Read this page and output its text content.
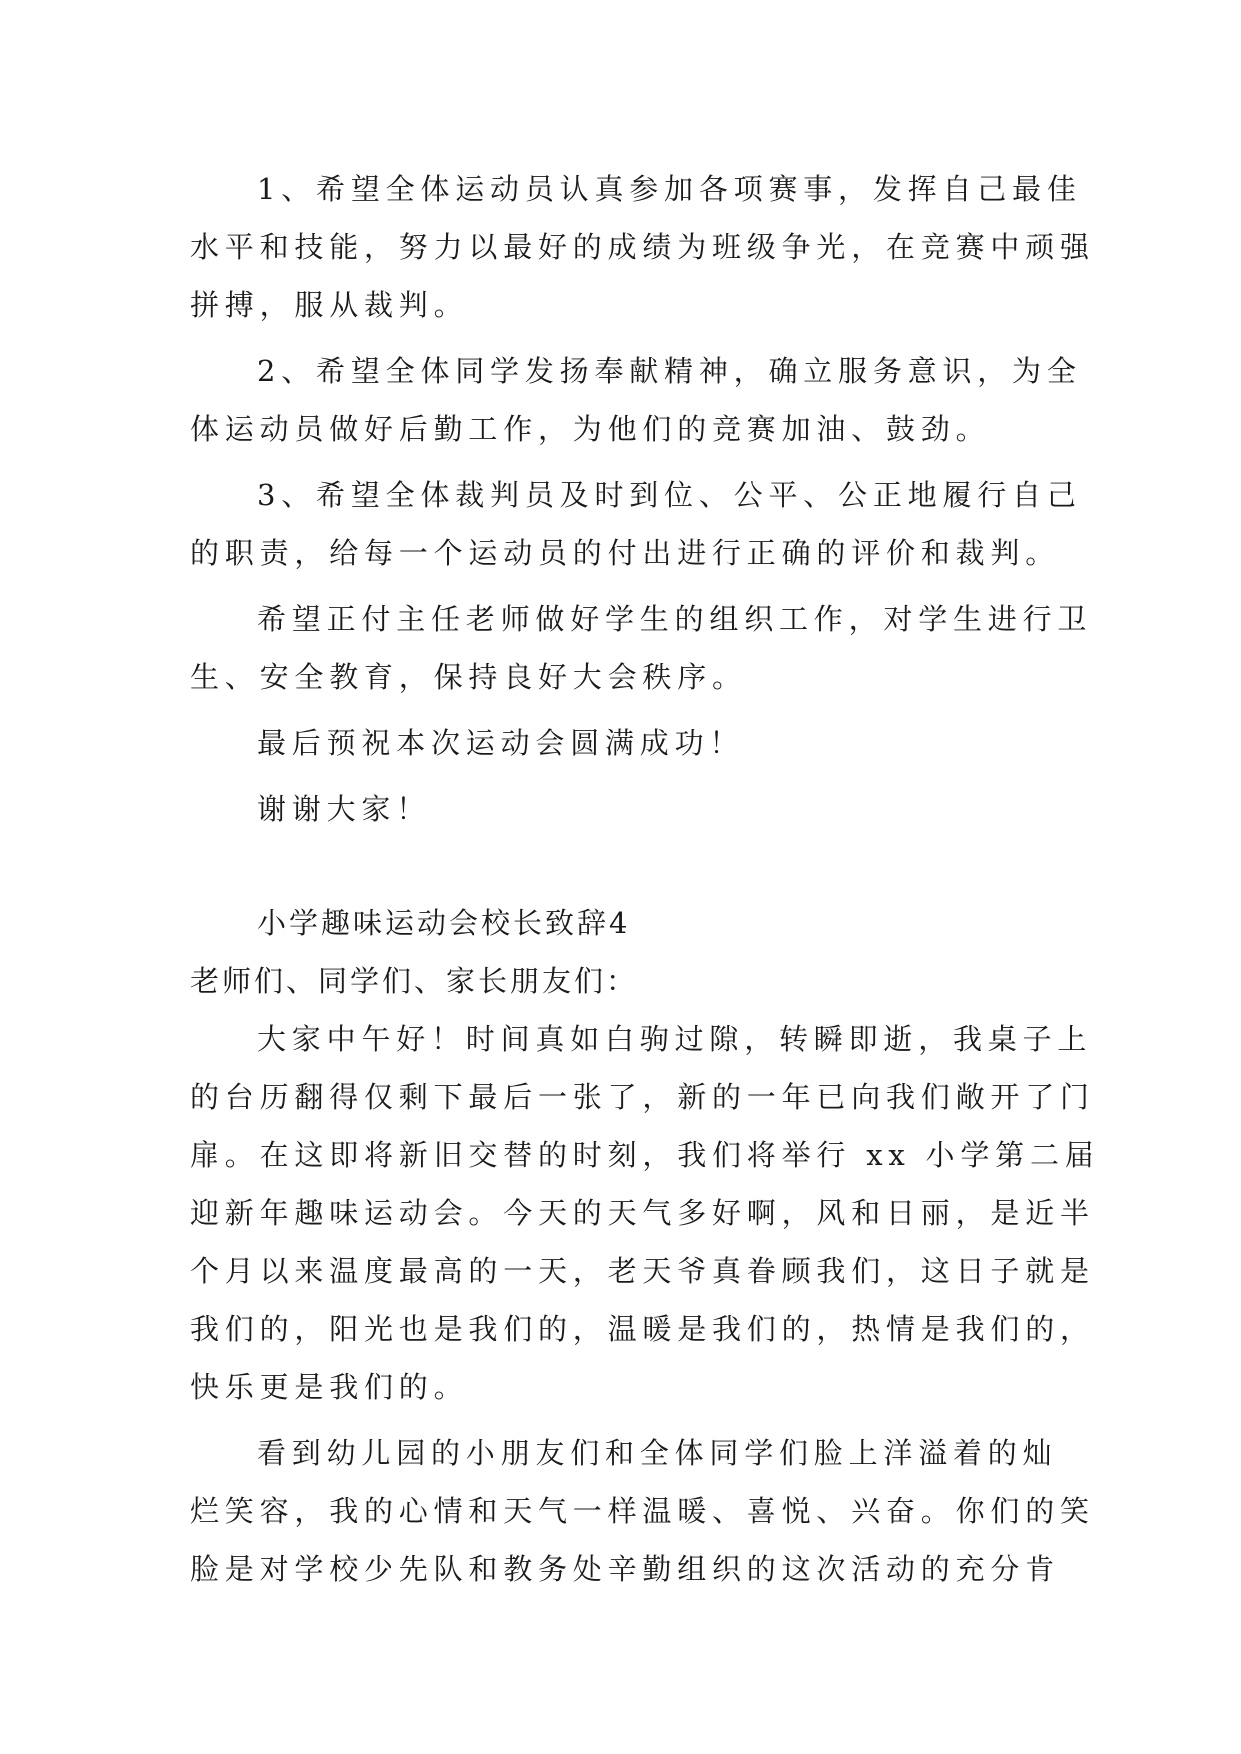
1、希望全体运动员认真参加各项赛事，发挥自己最佳
水平和技能，努力以最好的成绩为班级争光，在竞赛中顽强
拼搏，服从裁判。
2、希望全体同学发扬奉献精神，确立服务意识，为全
体运动员做好后勤工作，为他们的竞赛加油、鼓劲。
3、希望全体裁判员及时到位、公平、公正地履行自己
的职责，给每一个运动员的付出进行正确的评价和裁判。
希望正付主任老师做好学生的组织工作，对学生进行卫
生、安全教育，保持良好大会秩序。
最后预祝本次运动会圆满成功！
谢谢大家！
小学趣味运动会校长致辞4
老师们、同学们、家长朋友们：
大家中午好！时间真如白驹过隙，转瞬即逝，我桌子上
的台历翻得仅剩下最后一张了，新的一年已向我们敞开了门
扉。在这即将新旧交替的时刻，我们将举行 xx 小学第二届
迎新年趣味运动会。今天的天气多好啊，风和日丽，是近半
个月以来温度最高的一天，老天爷真眷顾我们，这日子就是
我们的，阳光也是我们的，温暖是我们的，热情是我们的，
快乐更是我们的。
看到幼儿园的小朋友们和全体同学们脸上洋溢着的灿
烂笑容，我的心情和天气一样温暖、喜悦、兴奋。你们的笑
脸是对学校少先队和教务处辛勤组织的这次活动的充分肯
